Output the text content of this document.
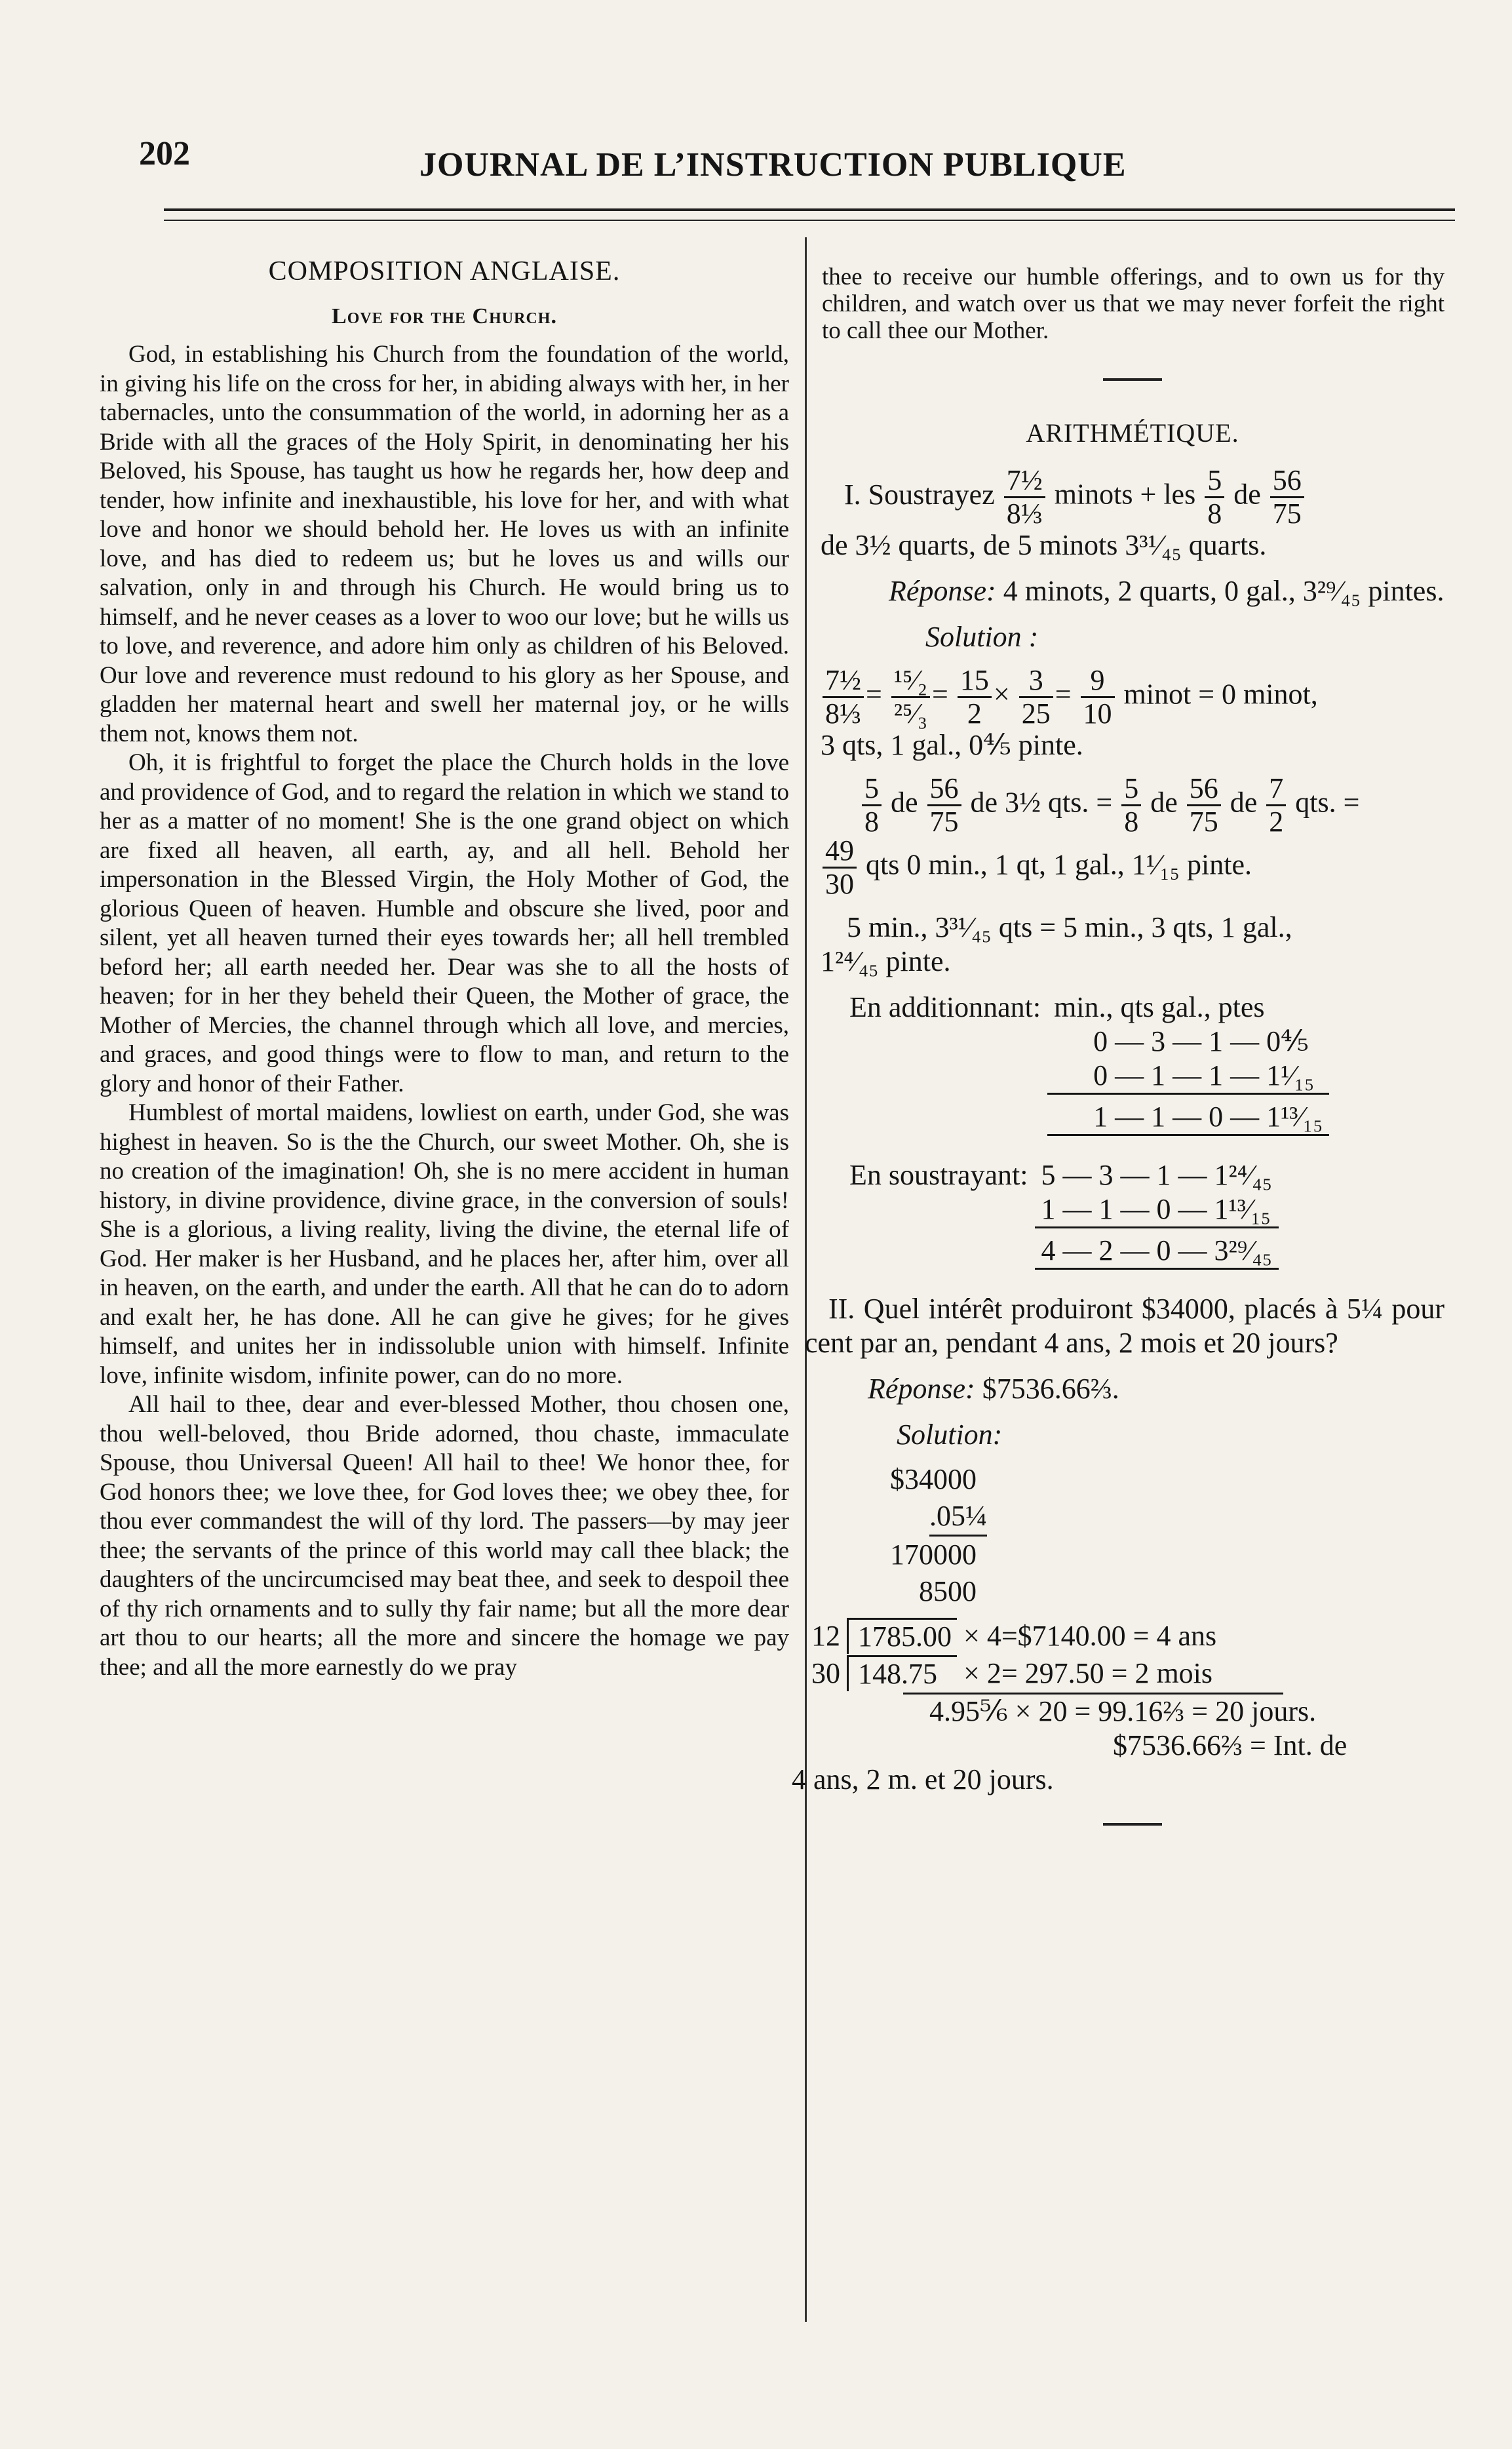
202	JOURNAL DE L’INSTRUCTION PUBLIQUE
COMPOSITION ANGLAISE.
Love for the Church.

God, in establishing his Church from the foundation of the world, in giving his life on the cross for her, in abiding always with her, in her tabernacles, unto the consummation of the world, in adorning her as a Bride with all the graces of the Holy Spirit, in denominating her his Beloved, his Spouse, has taught us how he regards her, how deep and tender, how infinite and inexhaustible, his love for her, and with what love and honor we should behold her. He loves us with an infinite love, and has died to redeem us; but he loves us and wills our salvation, only in and through his Church. He would bring us to himself, and he never ceases as a lover to woo our love; but he wills us to love, and reverence, and adore him only as children of his Beloved. Our love and reverence must redound to his glory as her Spouse, and gladden her maternal heart and swell her maternal joy, or he wills them not, knows them not.

Oh, it is frightful to forget the place the Church holds in the love and providence of God, and to regard the relation in which we stand to her as a matter of no moment! She is the one grand object on which are fixed all heaven, all earth, ay, and all hell. Behold her impersonation in the Blessed Virgin, the Holy Mother of God, the glorious Queen of heaven. Humble and obscure she lived, poor and silent, yet all heaven turned their eyes towards her; all hell trembled beford her; all earth needed her. Dear was she to all the hosts of heaven; for in her they beheld their Queen, the Mother of grace, the Mother of Mercies, the channel through which all love, and mercies, and graces, and good things were to flow to man, and return to the glory and honor of their Father.

Humblest of mortal maidens, lowliest on earth, under God, she was highest in heaven. So is the the Church, our sweet Mother. Oh, she is no creation of the imagination! Oh, she is no mere accident in human history, in divine providence, divine grace, in the conversion of souls! She is a glorious, a living reality, living the divine, the eternal life of God. Her maker is her Husband, and he places her, after him, over all in heaven, on the earth, and under the earth. All that he can do to adorn and exalt her, he has done. All he can give he gives; for he gives himself, and unites her in indissoluble union with himself. Infinite love, infinite wisdom, infinite power, can do no more.

All hail to thee, dear and ever-blessed Mother, thou chosen one, thou well-beloved, thou Bride adorned, thou chaste, immaculate Spouse, thou Universal Queen! All hail to thee! We honor thee, for God honors thee; we love thee, for God loves thee; we obey thee, for thou ever commandest the will of thy lord. The passers—by may jeer thee; the servants of the prince of this world may call thee black; the daughters of the uncircumcised may beat thee, and seek to despoil thee of thy rich ornaments and to sully thy fair name; but all the more dear art thou to our hearts; all the more and sincere the homage we pay thee; and all the more earnestly do we pray

thee to receive our humble offerings, and to own us for thy children, and watch over us that we may never forfeit the right to call thee our Mother.

ARITHMÉTIQUE.
I. Soustrayez $\frac{\text{7½}}{\text{8⅓}}$ minots + les $\frac{5}{8}$ de $\frac{56}{75}$
de 3½ quarts, de 5 minots 3³¹⁄₄₅ quarts.
Réponse: 4 minots, 2 quarts, 0 gal., 3²⁹⁄₄₅ pintes.
Solution :
$\frac{\text{7½}}{\text{8⅓}} = \frac{\text{¹⁵⁄₂}}{\text{²⁵⁄₃}} = \frac{15}{2} \times \frac{3}{25} = \frac{9}{10}$ minot = 0 minot,
3 qts, 1 gal., 0⅘ pinte.
$\frac{5}{8}$ de $\frac{56}{75}$ de 3½ qts. = $\frac{5}{8}$ de $\frac{56}{75}$ de $\frac{7}{2}$ qts. =
$\frac{49}{30}$ qts 0 min., 1 qt, 1 gal., 1¹⁄₁₅ pinte.
5 min., 3³¹⁄₄₅ qts = 5 min., 3 qts, 1 gal.,
1²⁴⁄₄₅ pinte.
En additionnant:	min., qts gal., ptes
	0 — 3 — 1 — 0⅘
	0 — 1 — 1 — 1¹⁄₁₅
	1 — 1 — 0 — 1¹³⁄₁₅
En soustrayant:	5 — 3 — 1 — 1²⁴⁄₄₅
	1 — 1 — 0 — 1¹³⁄₁₅
	4 — 2 — 0 — 3²⁹⁄₄₅

II. Quel intérêt produiront $34000, placés à 5¼ pour cent par an, pendant 4 ans, 2 mois et 20 jours?

Réponse: $7536.66⅔.
Solution:
$34000
.05¼
170000
8500
12	1785.00	× 4=$7140.00 = 4 ans
30	148.75	× 2= 297.50 = 2 mois
4.95⅚ × 20 = 99.16⅔ = 20 jours.
$7536.66⅔ = Int. de
4 ans, 2 m. et 20 jours.
